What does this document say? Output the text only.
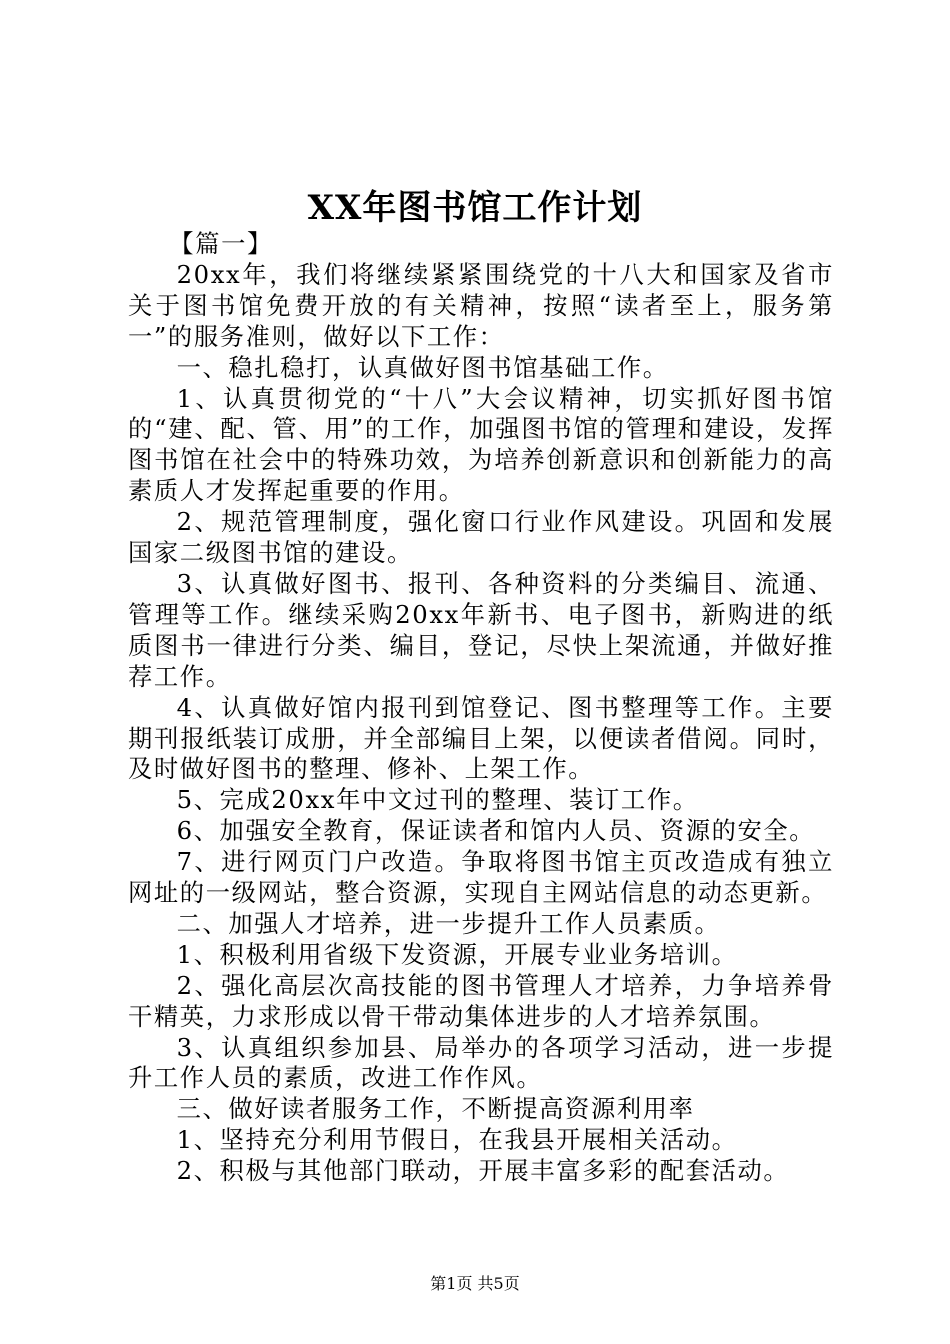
XX年图书馆工作计划

【篇一】

20xx年，我们将继续紧紧围绕党的十八大和国家及省市关于图书馆免费开放的有关精神，按照“读者至上，服务第一”的服务准则，做好以下工作：

一、稳扎稳打，认真做好图书馆基础工作。

1、认真贯彻党的“十八”大会议精神，切实抓好图书馆的“建、配、管、用”的工作，加强图书馆的管理和建设，发挥图书馆在社会中的特殊功效，为培养创新意识和创新能力的高素质人才发挥起重要的作用。

2、规范管理制度，强化窗口行业作风建设。巩固和发展国家二级图书馆的建设。

3、认真做好图书、报刊、各种资料的分类编目、流通、管理等工作。继续采购20xx年新书、电子图书，新购进的纸质图书一律进行分类、编目，登记，尽快上架流通，并做好推荐工作。

4、认真做好馆内报刊到馆登记、图书整理等工作。主要期刊报纸装订成册，并全部编目上架，以便读者借阅。同时，及时做好图书的整理、修补、上架工作。

5、完成20xx年中文过刊的整理、装订工作。

6、加强安全教育，保证读者和馆内人员、资源的安全。

7、进行网页门户改造。争取将图书馆主页改造成有独立网址的一级网站，整合资源，实现自主网站信息的动态更新。

二、加强人才培养，进一步提升工作人员素质。

1、积极利用省级下发资源，开展专业业务培训。

2、强化高层次高技能的图书管理人才培养，力争培养骨干精英，力求形成以骨干带动集体进步的人才培养氛围。

3、认真组织参加县、局举办的各项学习活动，进一步提升工作人员的素质，改进工作作风。

三、做好读者服务工作，不断提高资源利用率

1、坚持充分利用节假日，在我县开展相关活动。

2、积极与其他部门联动，开展丰富多彩的配套活动。

第1页 共5页
